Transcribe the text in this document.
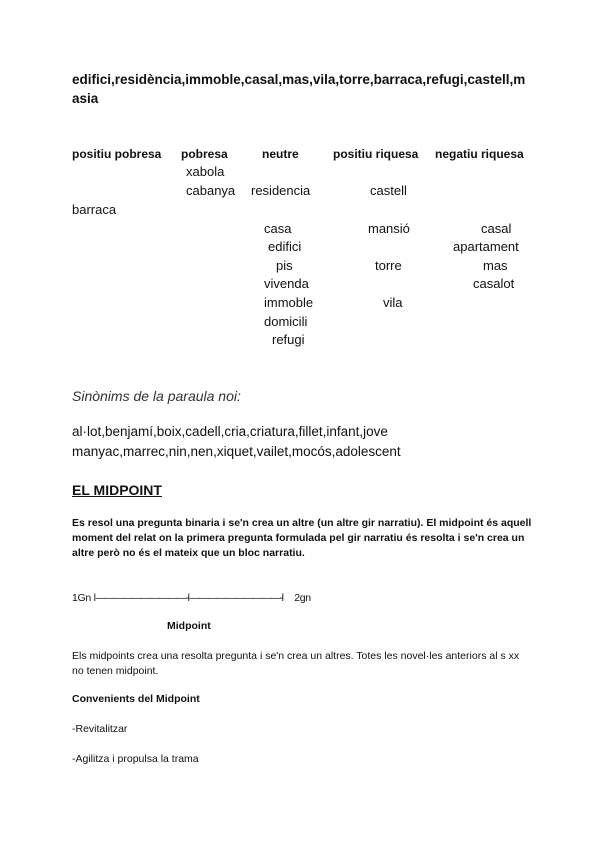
edifici,residència,immoble,casal,mas,vila,torre,barraca,refugi,castell,masia
positiu pobresa pobresa	neutre	positiu riquesa negatiu riquesa
xabola
cabanya
barraca
residencia
casa
edifici
pis
vivenda
immoble
domicili
refugi
castell
mansió
torre
vila
casal
apartament
mas
casalot
Sinònims de la paraula noi:
al·lot,benjamí,boix,cadell,cria,criatura,fillet,infant,jove
manyac,marrec,nin,nen,xiquet,vailet,mocós,adolescent
EL MIDPOINT
Es resol una pregunta binaria i se'n crea un altre (un altre gir narratiu). El midpoint és aquell moment del relat on la primera pregunta formulada pel gir narratiu és resolta i se'n crea un altre però no és el mateix que un bloc narratiu.
1Gn l——————————-l——————————-l 2gn
Midpoint
Els midpoints crea una resolta pregunta i se'n crea un altres. Totes les novel·les anteriors al s xx no tenen midpoint.
Convenients del Midpoint
-Revitalitzar
-Agilitza i propulsa la trama
